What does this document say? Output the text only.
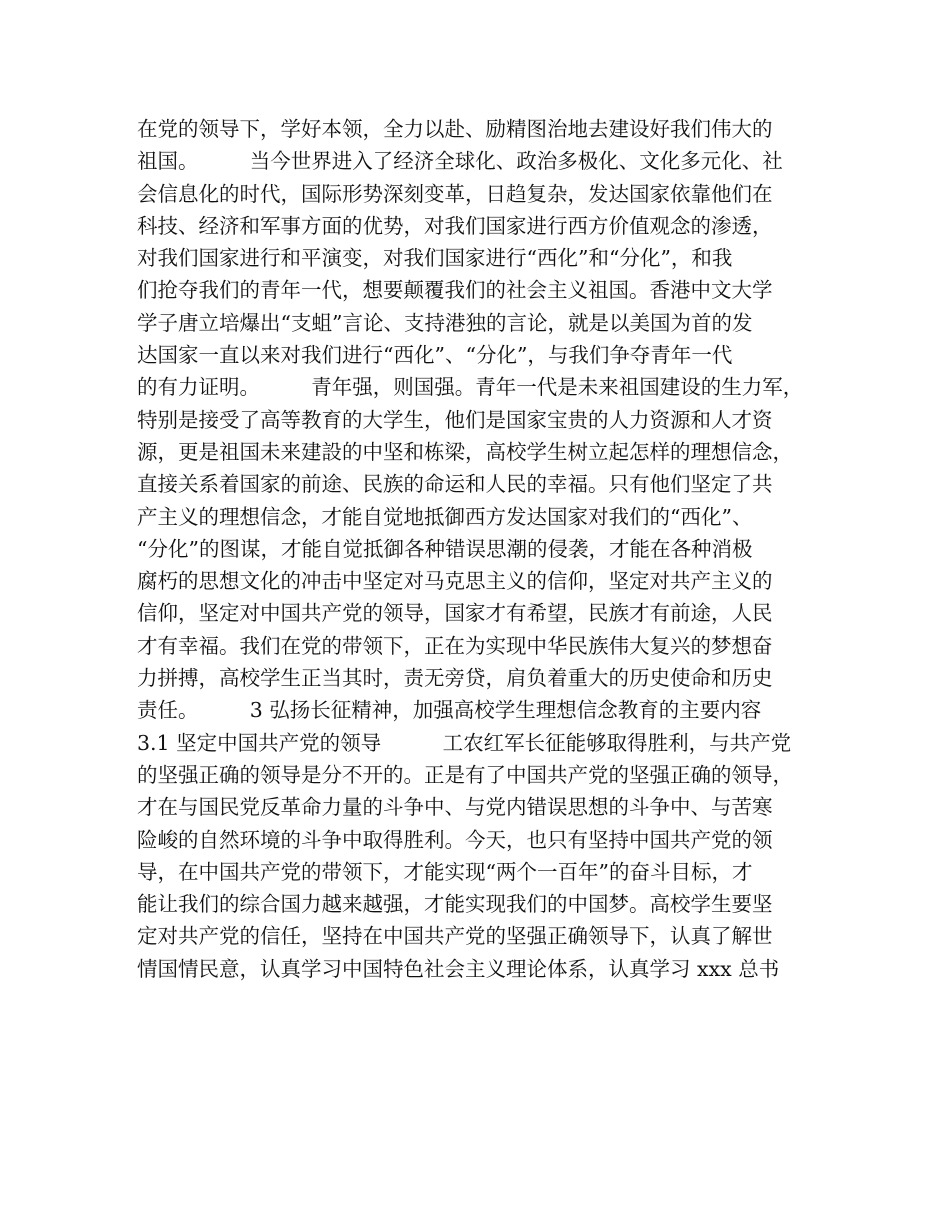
在党的领导下，学好本领，全力以赴、励精图治地去建设好我们伟大的
祖国。　　　当今世界进入了经济全球化、政治多极化、文化多元化、社
会信息化的时代，国际形势深刻变革，日趋复杂，发达国家依靠他们在
科技、经济和军事方面的优势，对我们国家进行西方价值观念的渗透，
对我们国家进行和平演变，对我们国家进行“西化”和“分化”，和我
们抢夺我们的青年一代，想要颠覆我们的社会主义祖国。香港中文大学
学子唐立培爆出“支蛆”言论、支持港独的言论，就是以美国为首的发
达国家一直以来对我们进行“西化”、“分化”，与我们争夺青年一代
的有力证明。　　　青年强，则国强。青年一代是未来祖国建设的生力军，
特别是接受了高等教育的大学生，他们是国家宝贵的人力资源和人才资
源，更是祖国未来建設的中坚和栋梁，高校学生树立起怎样的理想信念，
直接关系着国家的前途、民族的命运和人民的幸福。只有他们坚定了共
产主义的理想信念，才能自觉地抵御西方发达国家对我们的“西化”、
“分化”的图谋，才能自觉抵御各种错误思潮的侵袭，才能在各种消极
腐朽的思想文化的冲击中坚定对马克思主义的信仰，坚定对共产主义的
信仰，坚定对中国共产党的领导，国家才有希望，民族才有前途，人民
才有幸福。我们在党的带领下，正在为实现中华民族伟大复兴的梦想奋
力拼搏，高校学生正当其时，责无旁贷，肩负着重大的历史使命和历史
责任。　　　3 弘扬长征精神，加强高校学生理想信念教育的主要内容
3.1 坚定中国共产党的领导　　　工农红军长征能够取得胜利，与共产党
的坚强正确的领导是分不开的。正是有了中国共产党的坚强正确的领导，
才在与国民党反革命力量的斗争中、与党内错误思想的斗争中、与苦寒
险峻的自然环境的斗争中取得胜利。今天，也只有坚持中国共产党的领
导，在中国共产党的带领下，才能实现“两个一百年”的奋斗目标，才
能让我们的综合国力越来越强，才能实现我们的中国梦。高校学生要坚
定对共产党的信任，坚持在中国共产党的坚强正确领导下，认真了解世
情国情民意，认真学习中国特色社会主义理论体系，认真学习 xxx 总书
